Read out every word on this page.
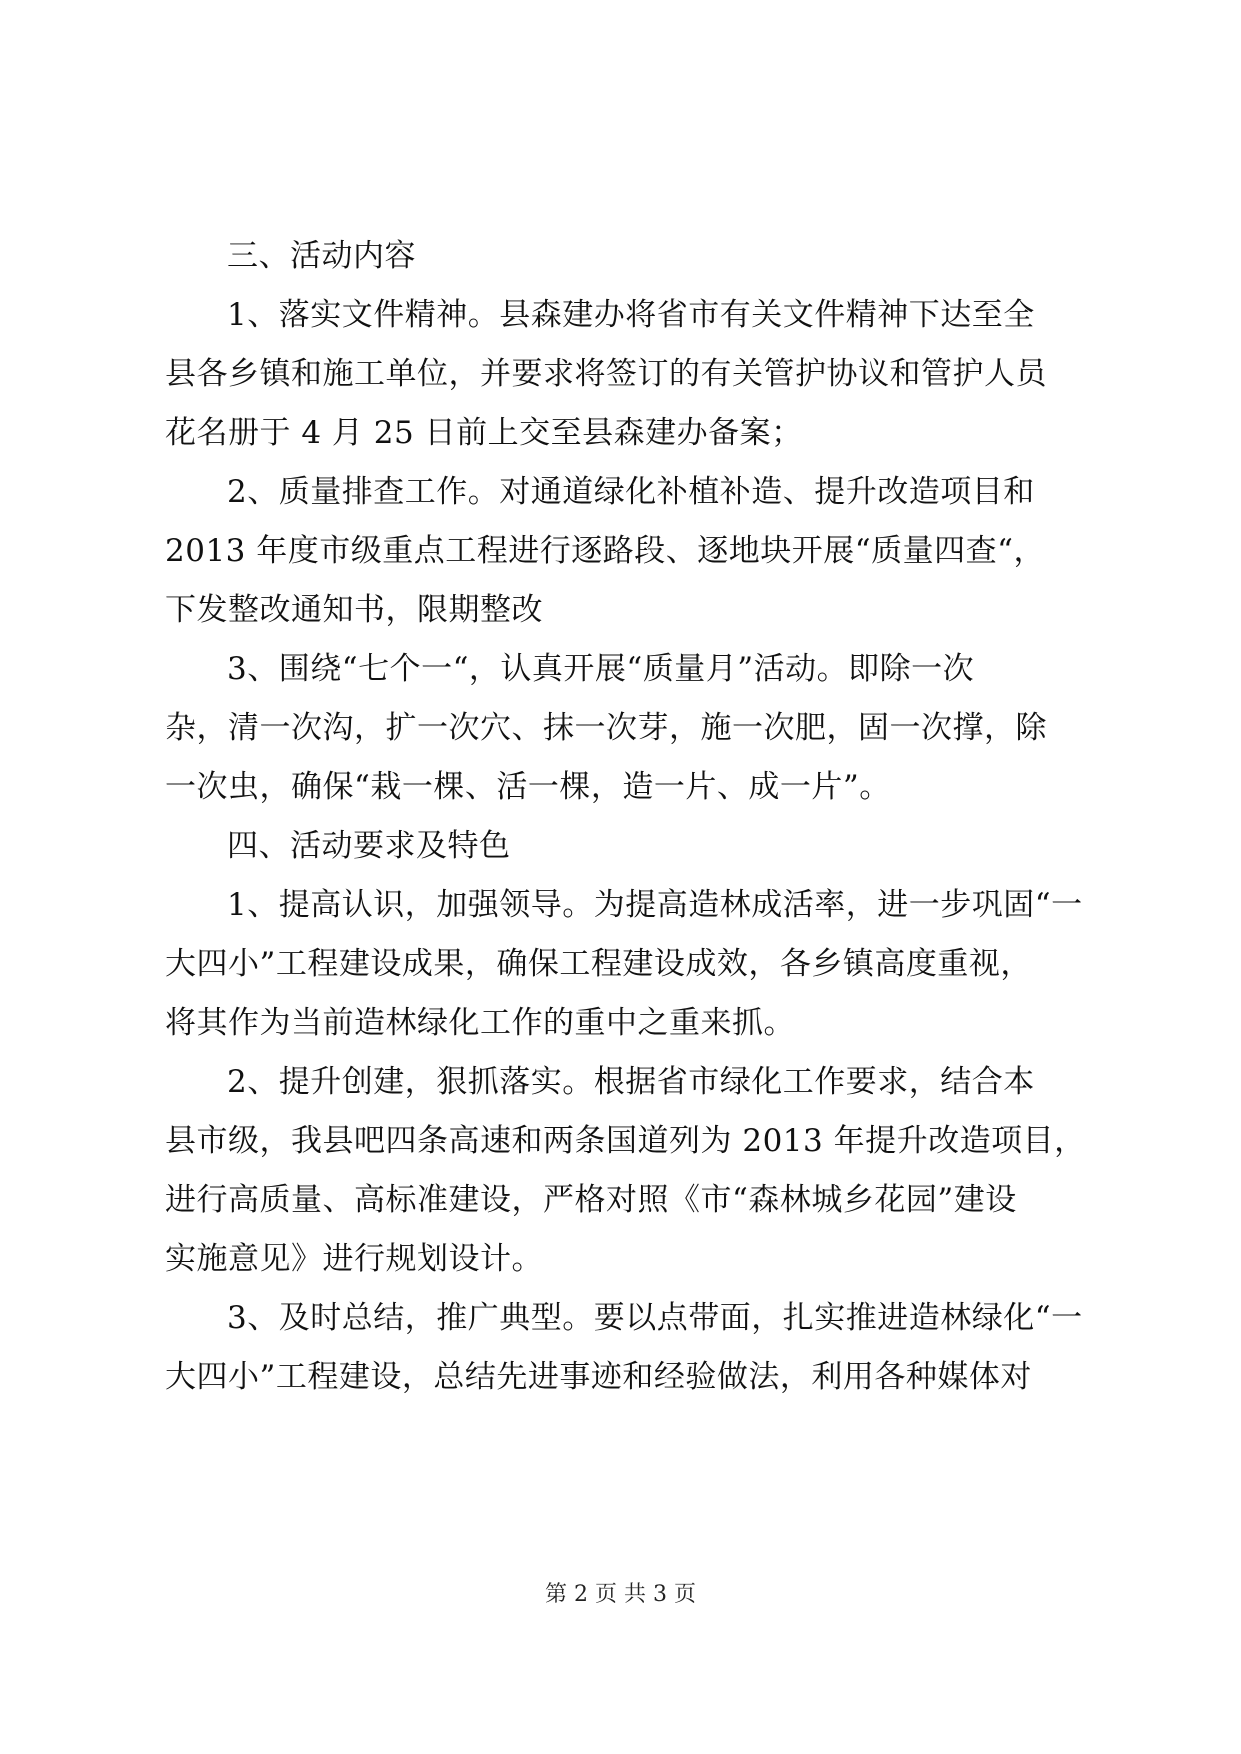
三、活动内容
1、落实文件精神。县森建办将省市有关文件精神下达至全
县各乡镇和施工单位，并要求将签订的有关管护协议和管护人员
花名册于 4 月 25 日前上交至县森建办备案；
2、质量排查工作。对通道绿化补植补造、提升改造项目和
2013 年度市级重点工程进行逐路段、逐地块开展“质量四查“，
下发整改通知书，限期整改
3、围绕“七个一“，认真开展“质量月”活动。即除一次
杂，清一次沟，扩一次穴、抹一次芽，施一次肥，固一次撑，除
一次虫，确保“栽一棵、活一棵，造一片、成一片”。
四、活动要求及特色
1、提高认识，加强领导。为提高造林成活率，进一步巩固“一
大四小”工程建设成果，确保工程建设成效，各乡镇高度重视，
将其作为当前造林绿化工作的重中之重来抓。
2、提升创建，狠抓落实。根据省市绿化工作要求，结合本
县市级，我县吧四条高速和两条国道列为 2013 年提升改造项目，
进行高质量、高标准建设，严格对照《市“森林城乡花园”建设
实施意见》进行规划设计。
3、及时总结，推广典型。要以点带面，扎实推进造林绿化“一
大四小”工程建设，总结先进事迹和经验做法，利用各种媒体对
第 2 页 共 3 页
